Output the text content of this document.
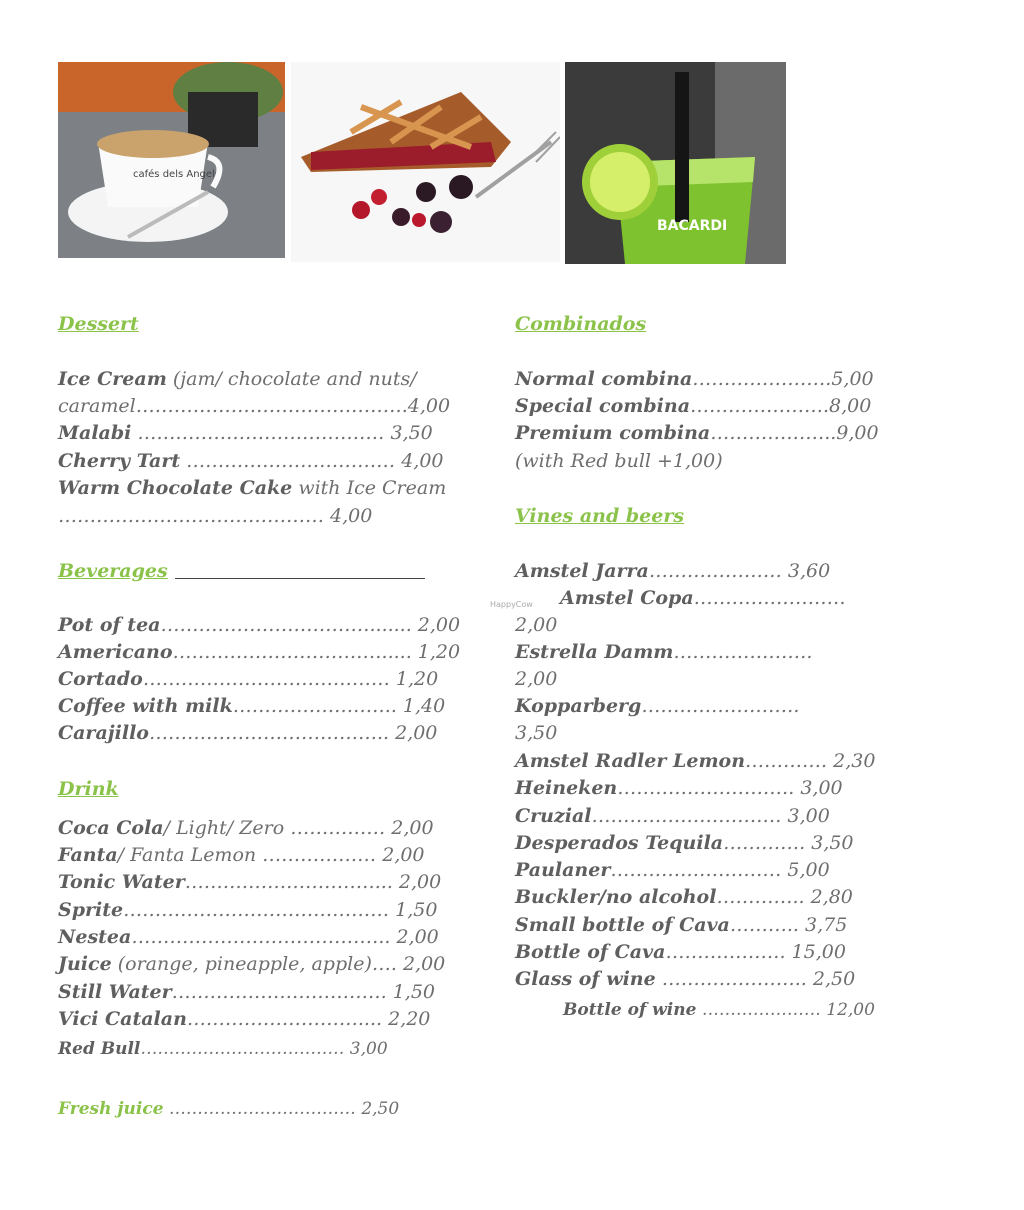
cafés dels Angels
BACARDI
Dessert
Ice Cream (jam/ chocolate and nuts/
caramel…………………………………….4,00
Malabi ………………………………… 3,50
Cherry Tart …………………………… 4,00
Warm Chocolate Cake with Ice Cream
…………………………………… 4,00
Beverages
Pot of tea……………………………....... 2,00
Americano……………………………..... 1,20
Cortado………………………………… 1,20
Coffee with milk…………………….. 1,40
Carajillo……………………………….. 2,00
Drink
Coca Cola/ Light/ Zero …………… 2,00
Fanta/ Fanta Lemon ……………… 2,00
Tonic Water…………………………... 2,00
Sprite…………………………………… 1,50
Nestea………………………………….. 2,00
Juice (orange, pineapple, apple)…. 2,00
Still Water……………………………. 1,50
Vici Catalan……………………….... 2,20
Red Bull……………………………… 3,00
Fresh juice …………………………… 2,50
Combinados
Normal combina………………….5,00
Special combina………………….8,00
Premium combina………………..9,00
(with Red bull +1,00)
Vines and beers
Amstel Jarra………………… 3,60
Amstel Copa……………………
2,00
Estrella Damm………………….
2,00
Kopparberg…………………….
3,50
Amstel Radler Lemon…………. 2,30
Heineken………………………. 3,00
Cruzial………………………… 3,00
Desperados Tequila…………. 3,50
Paulaner……………………… 5,00
Buckler/no alcohol………….. 2,80
Small bottle of Cava……….. 3,75
Bottle of Cava………………. 15,00
Glass of wine ………………….. 2,50
Bottle of wine ………………… 12,00
HappyCow
